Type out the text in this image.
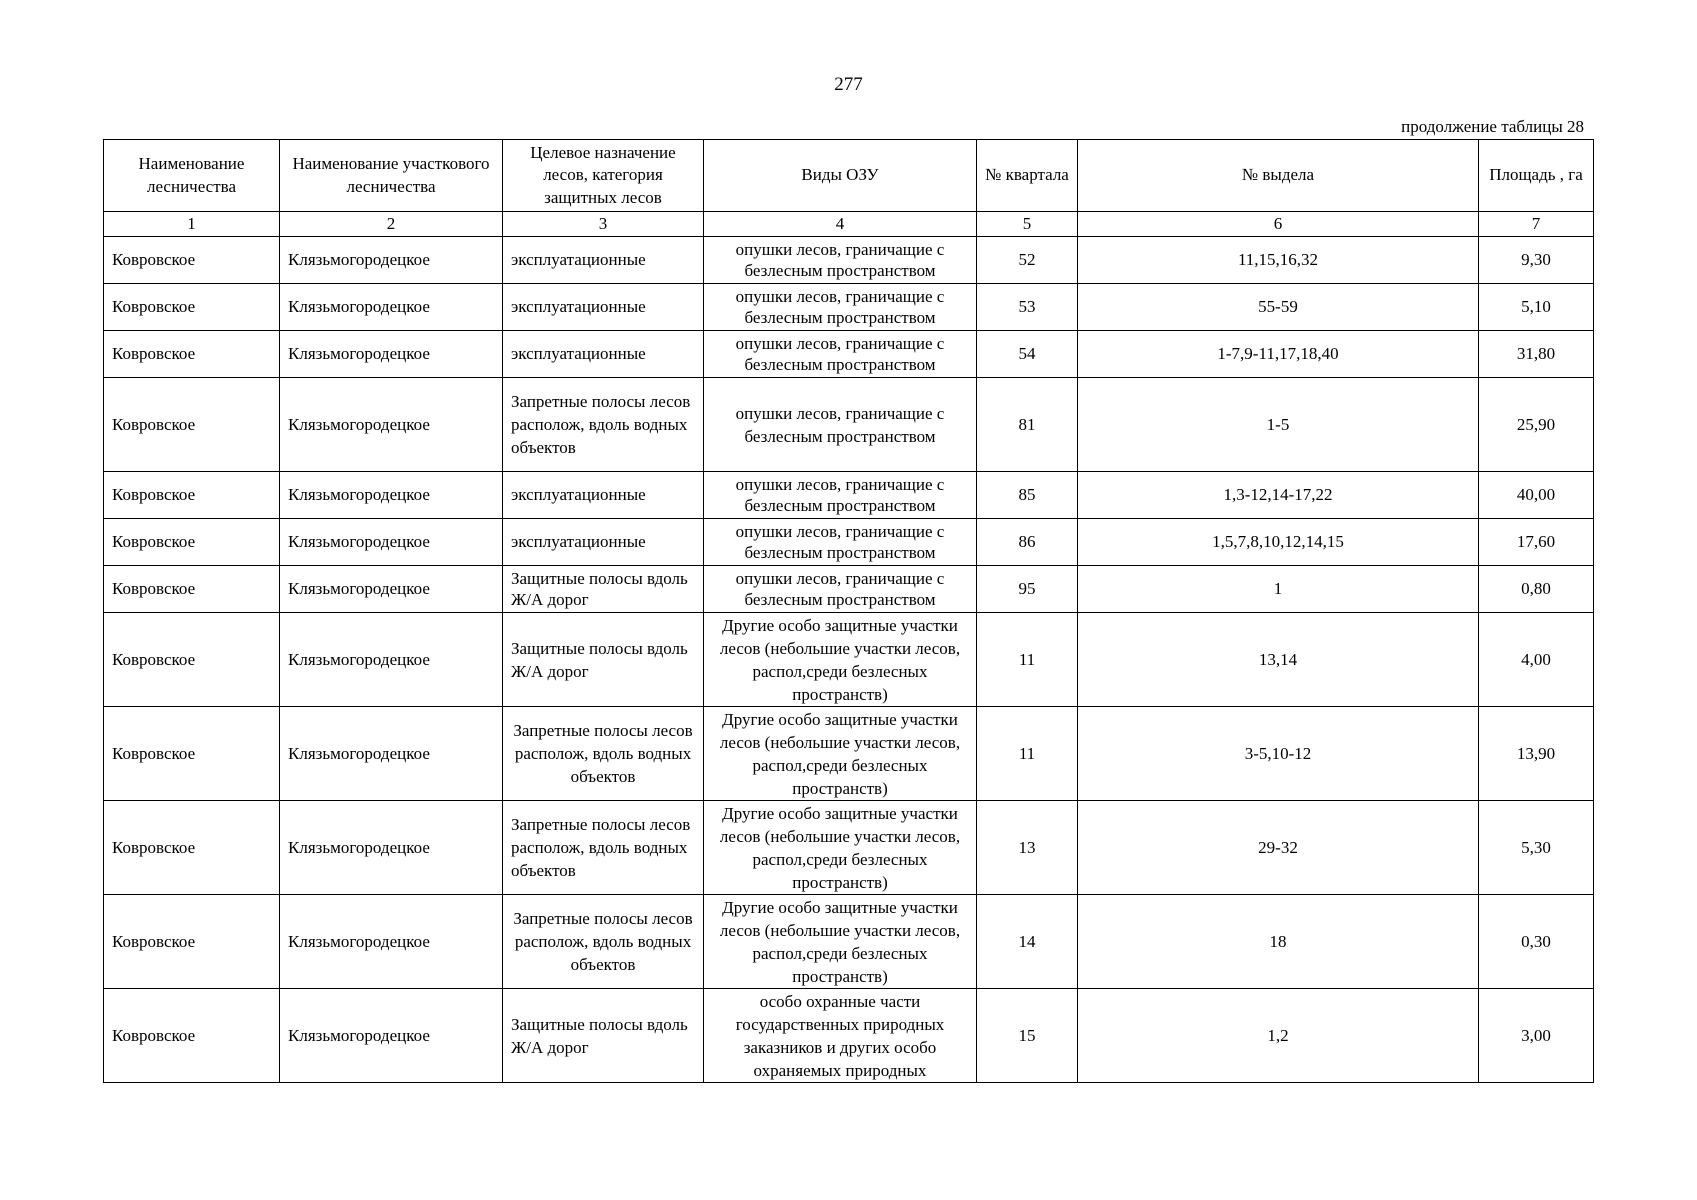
277
продолжение таблицы 28
Наименование лесничества	Наименование участкового лесничества	Целевое назначение лесов, категория защитных лесов	Виды ОЗУ	№ квартала	№ выдела	Площадь , га
1	2	3	4	5	6	7
Ковровское	Клязьмогородецкое	эксплуатационные	опушки лесов, граничащие с безлесным пространством	52	11,15,16,32	9,30
Ковровское	Клязьмогородецкое	эксплуатационные	опушки лесов, граничащие с безлесным пространством	53	55-59	5,10
Ковровское	Клязьмогородецкое	эксплуатационные	опушки лесов, граничащие с безлесным пространством	54	1-7,9-11,17,18,40	31,80
Ковровское	Клязьмогородецкое	Запретные полосы лесов располож, вдоль водных объектов	опушки лесов, граничащие с безлесным пространством	81	1-5	25,90
Ковровское	Клязьмогородецкое	эксплуатационные	опушки лесов, граничащие с безлесным пространством	85	1,3-12,14-17,22	40,00
Ковровское	Клязьмогородецкое	эксплуатационные	опушки лесов, граничащие с безлесным пространством	86	1,5,7,8,10,12,14,15	17,60
Ковровское	Клязьмогородецкое	Защитные полосы вдоль Ж/А дорог	опушки лесов, граничащие с безлесным пространством	95	1	0,80
Ковровское	Клязьмогородецкое	Защитные полосы вдоль Ж/А дорог	Другие особо защитные участки лесов (небольшие участки лесов, распол,среди безлесных пространств)	11	13,14	4,00
Ковровское	Клязьмогородецкое	Запретные полосы лесов располож, вдоль водных объектов	Другие особо защитные участки лесов (небольшие участки лесов, распол,среди безлесных пространств)	11	3-5,10-12	13,90
Ковровское	Клязьмогородецкое	Запретные полосы лесов располож, вдоль водных объектов	Другие особо защитные участки лесов (небольшие участки лесов, распол,среди безлесных пространств)	13	29-32	5,30
Ковровское	Клязьмогородецкое	Запретные полосы лесов располож, вдоль водных объектов	Другие особо защитные участки лесов (небольшие участки лесов, распол,среди безлесных пространств)	14	18	0,30
Ковровское	Клязьмогородецкое	Защитные полосы вдоль Ж/А дорог	особо охранные части государственных природных заказников и других особо охраняемых природных	15	1,2	3,00
